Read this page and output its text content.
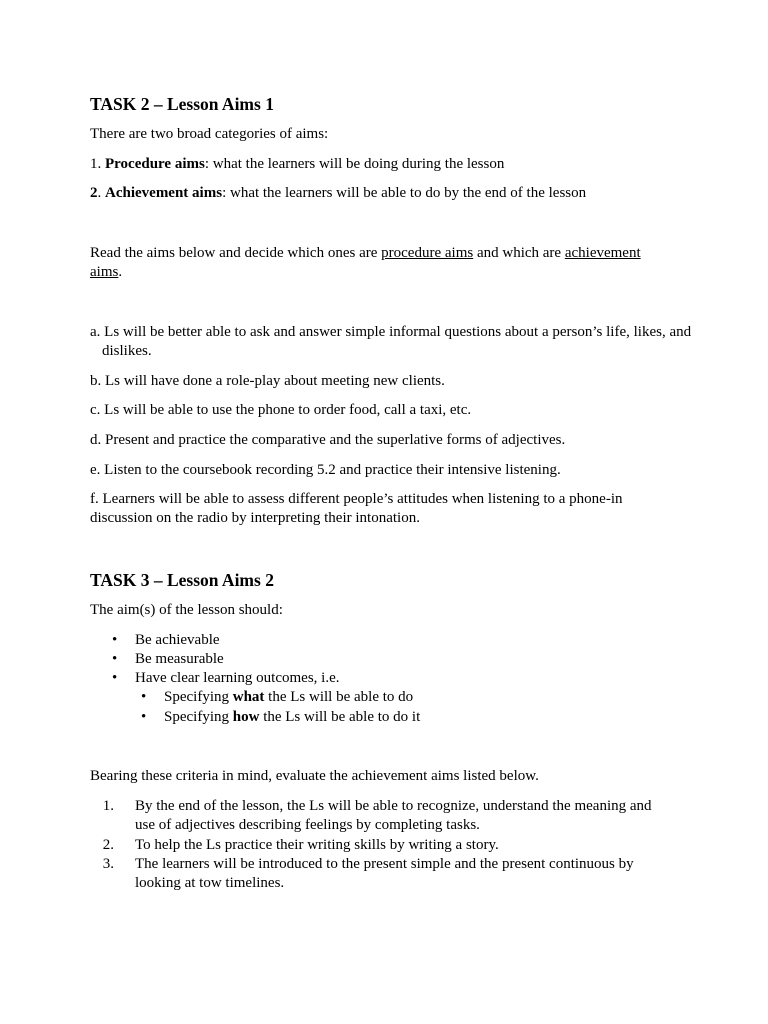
TASK 2 – Lesson Aims 1
There are two broad categories of aims:
1. Procedure aims: what the learners will be doing during the lesson
2. Achievement aims: what the learners will be able to do by the end of the lesson
Read the aims below and decide which ones are procedure aims and which are achievement
aims.
a. Ls will be better able to ask and answer simple informal questions about a person’s life, likes, and dislikes.
b. Ls will have done a role-play about meeting new clients.
c. Ls will be able to use the phone to order food, call a taxi, etc.
d. Present and practice the comparative and the superlative forms of adjectives.
e. Listen to the coursebook recording 5.2 and practice their intensive listening.
f. Learners will be able to assess different people’s attitudes when listening to a phone-in discussion on the radio by interpreting their intonation.
TASK 3 – Lesson Aims 2
The aim(s) of the lesson should:
•	Be achievable
•	Be measurable
•	Have clear learning outcomes, i.e.
•	Specifying what the Ls will be able to do
•	Specifying how the Ls will be able to do it
Bearing these criteria in mind, evaluate the achievement aims listed below.
1. By the end of the lesson, the Ls will be able to recognize, understand the meaning and use of adjectives describing feelings by completing tasks.
2. To help the Ls practice their writing skills by writing a story.
3. The learners will be introduced to the present simple and the present continuous by looking at tow timelines.
